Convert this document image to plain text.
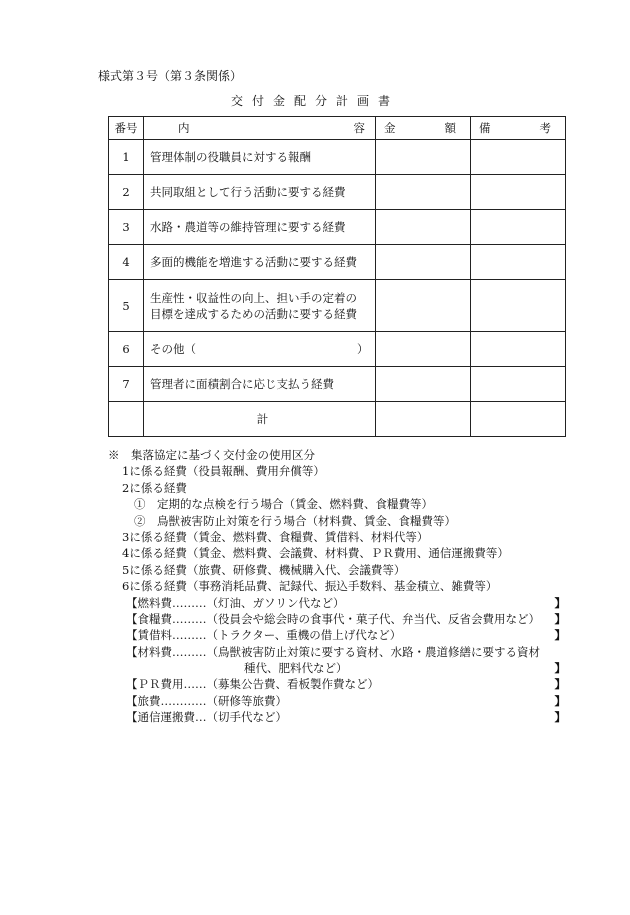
様式第３号（第３条関係）
交付金配分計画書
番号	内 容	金 額	備 考

1	管理体制の役職員に対する報酬		
2	共同取組として行う活動に要する経費		
3	水路・農道等の維持管理に要する経費		
4	多面的機能を増進する活動に要する経費		
5	生産性・収益性の向上、担い手の定着の
目標を達成するための活動に要する経費		

6	その他（　　　　　　　　　　　　　　）		
7	管理者に面積割合に応じ支払う経費		
	計		
※　集落協定に基づく交付金の使用区分
1に係る経費（役員報酬、費用弁償等）
2に係る経費
①　定期的な点検を行う場合（賃金、燃料費、食糧費等）
②　鳥獣被害防止対策を行う場合（材料費、賃金、食糧費等）
3に係る経費（賃金、燃料費、食糧費、賃借料、材料代等）
4に係る経費（賃金、燃料費、会議費、材料費、ＰＲ費用、通信運搬費等）
5に係る経費（旅費、研修費、機械購入代、会議費等）
6に係る経費（事務消耗品費、記録代、振込手数料、基金積立、雑費等）
【燃料費………（灯油、ガソリン代など）	】
【食糧費………（役員会や総会時の食事代・菓子代、弁当代、反省会費用など） 】
【賃借料………（トラクター、重機の借上げ代など）	】
【材料費………（鳥獣被害防止対策に要する資材、水路・農道修繕に要する資材
種代、肥料代など）	】
【ＰＲ費用……（募集公告費、看板製作費など）	】
【旅費…………（研修等旅費）	】
【通信運搬費…（切手代など）	】
